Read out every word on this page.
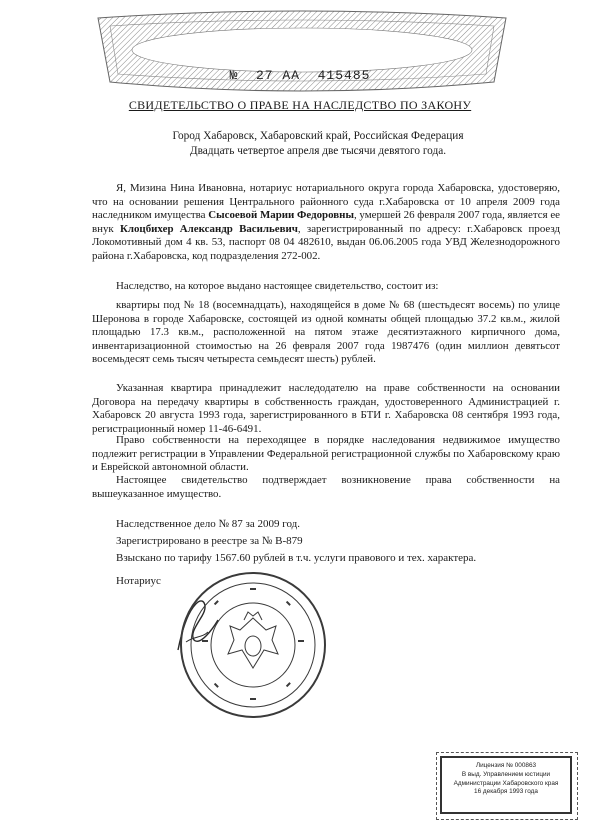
№ 27 АА 415485
СВИДЕТЕЛЬСТВО О ПРАВЕ НА НАСЛЕДСТВО ПО ЗАКОНУ
Город Хабаровск, Хабаровский край, Российская Федерация
Двадцать четвертое апреля две тысячи девятого года.

Я, Мизина Нина Ивановна, нотариус нотариального округа города Хабаровска, удостоверяю, что на основании решения Центрального районного суда г.Хабаровска от 10 апреля 2009 года наследником имущества Сысоевой Марии Федоровны, умершей 26 февраля 2007 года, является ее внук Клоцбихер Александр Васильевич, зарегистрированный по адресу: г.Хабаровск проезд Локомотивный дом 4 кв. 53, паспорт 08 04 482610, выдан 06.06.2005 года УВД Железнодорожного района г.Хабаровска, код подразделения 272-002.

Наследство, на которое выдано настоящее свидетельство, состоит из:

квартиры под № 18 (восемнадцать), находящейся в доме № 68 (шестьдесят восемь) по улице Шеронова в городе Хабаровске, состоящей из одной комнаты общей площадью 37.2 кв.м., жилой площадью 17.3 кв.м., расположенной на пятом этаже десятиэтажного кирпичного дома, инвентаризационной стоимостью на 26 февраля 2007 года 1987476 (один миллион девятьсот восемьдесят семь тысяч четыреста семьдесят шесть) рублей.

Указанная квартира принадлежит наследодателю на праве собственности на основании Договора на передачу квартиры в собственность граждан, удостоверенного Администрацией г. Хабаровск 20 августа 1993 года, зарегистрированного в БТИ г. Хабаровска 08 сентября 1993 года, регистрационный номер 11-46-6491.

Право собственности на переходящее в порядке наследования недвижимое имущество подлежит регистрации в Управлении Федеральной регистрационной службы по Хабаровскому краю и Еврейской автономной области.

Настоящее свидетельство подтверждает возникновение права собственности на вышеуказанное имущество.

Наследственное дело № 87 за 2009 год.
Зарегистрировано в реестре за № В-879
Взыскано по тарифу 1567.60 рублей в т.ч. услуги правового и тех. характера.
Нотариус
Лицензия № 000863
В выд. Управлением юстиции
Администрации Хабаровского края
16 декабря 1993 года
